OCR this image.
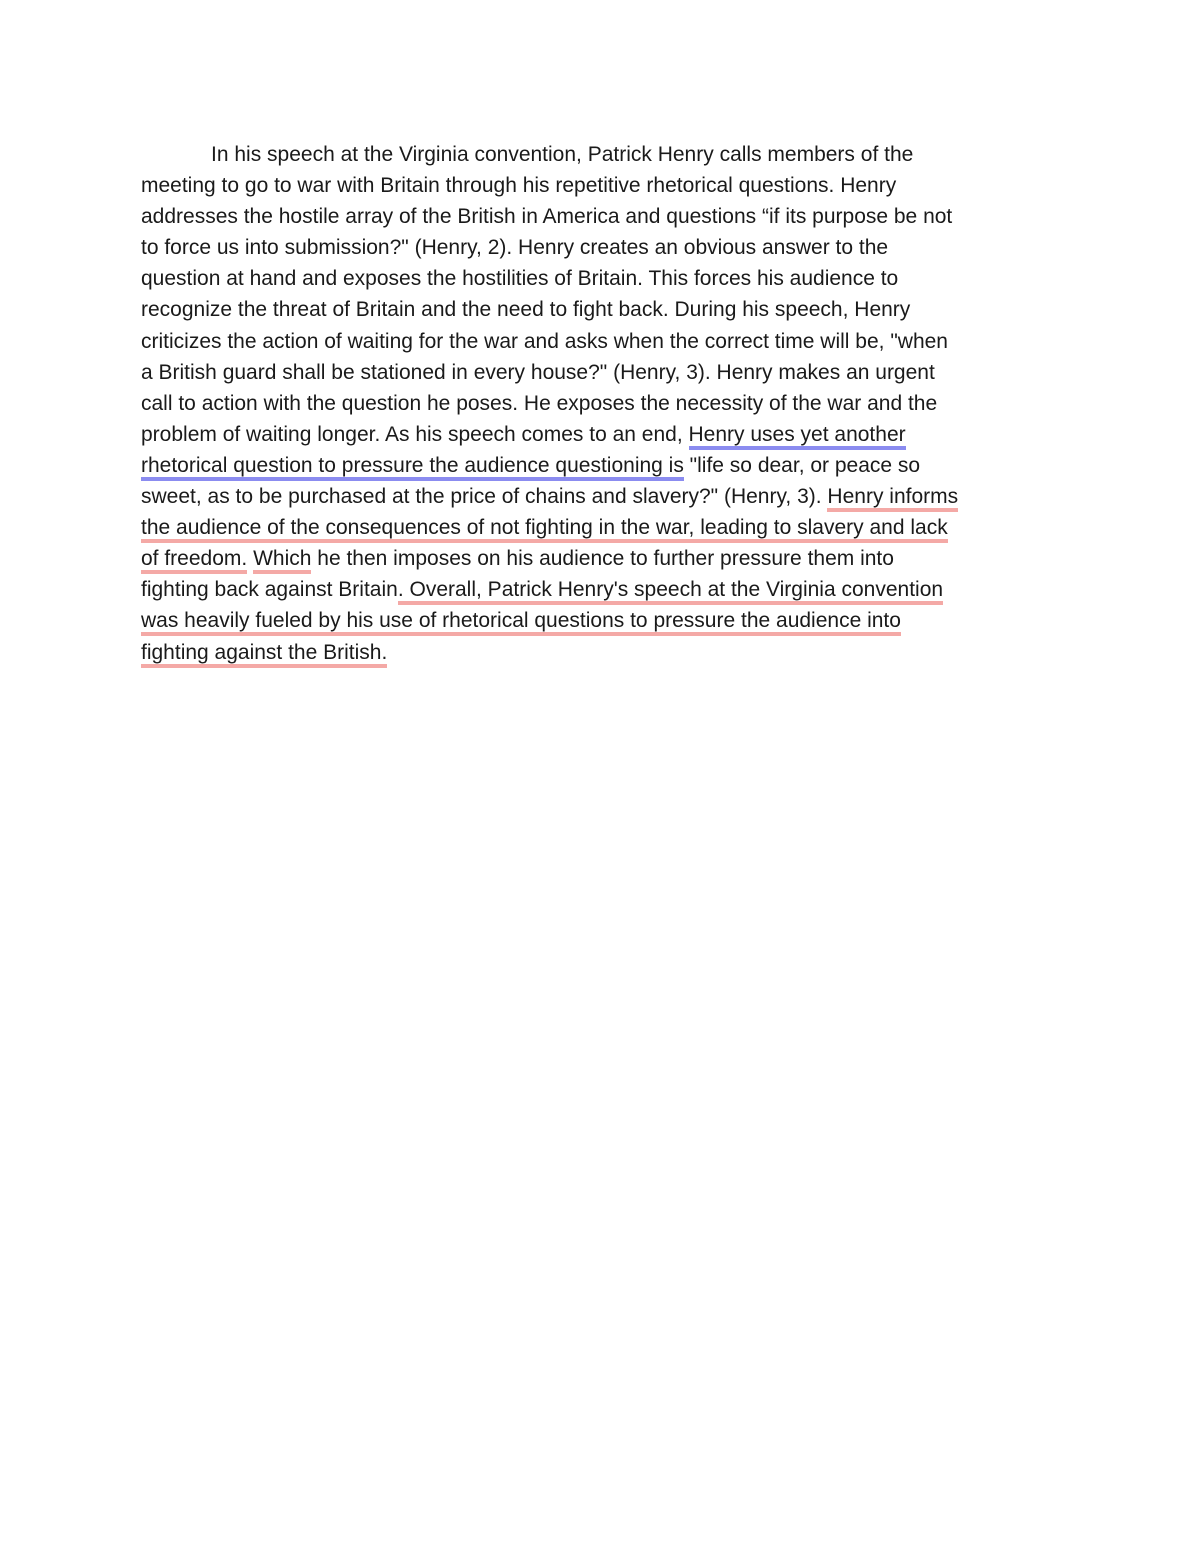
In his speech at the Virginia convention, Patrick Henry calls members of the
meeting to go to war with Britain through his repetitive rhetorical questions. Henry
addresses the hostile array of the British in America and questions “if its purpose be not
to force us into submission?" (Henry, 2). Henry creates an obvious answer to the
question at hand and exposes the hostilities of Britain. This forces his audience to
recognize the threat of Britain and the need to fight back. During his speech, Henry
criticizes the action of waiting for the war and asks when the correct time will be, "when
a British guard shall be stationed in every house?" (Henry, 3). Henry makes an urgent
call to action with the question he poses. He exposes the necessity of the war and the
problem of waiting longer. As his speech comes to an end, Henry uses yet another
rhetorical question to pressure the audience questioning is "life so dear, or peace so
sweet, as to be purchased at the price of chains and slavery?" (Henry, 3). Henry informs
the audience of the consequences of not fighting in the war, leading to slavery and lack
of freedom. Which he then imposes on his audience to further pressure them into
fighting back against Britain. Overall, Patrick Henry's speech at the Virginia convention
was heavily fueled by his use of rhetorical questions to pressure the audience into
fighting against the British.
